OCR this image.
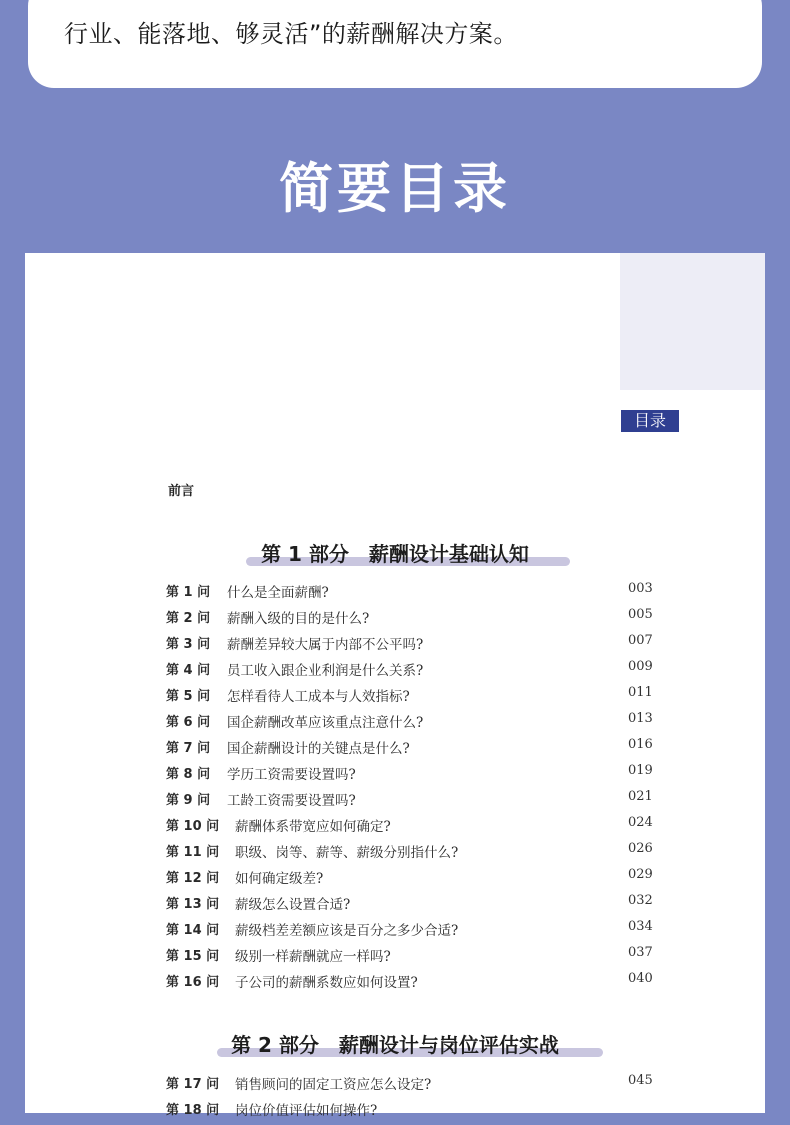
行业、能落地、够灵活”的薪酬解决方案。
简要目录
目录
前言
第 1 部分　薪酬设计基础认知
第 1 问 什么是全面薪酬?	003
第 2 问 薪酬入级的目的是什么?	005
第 3 问 薪酬差异较大属于内部不公平吗?	007
第 4 问 员工收入跟企业利润是什么关系?	009
第 5 问 怎样看待人工成本与人效指标?	011
第 6 问 国企薪酬改革应该重点注意什么?	013
第 7 问 国企薪酬设计的关键点是什么?	016
第 8 问 学历工资需要设置吗?	019
第 9 问 工龄工资需要设置吗?	021
第 10 问 薪酬体系带宽应如何确定?	024
第 11 问 职级、岗等、薪等、薪级分别指什么?	026
第 12 问 如何确定级差?	029
第 13 问 薪级怎么设置合适?	032
第 14 问 薪级档差差额应该是百分之多少合适?	034
第 15 问 级别一样薪酬就应一样吗?	037
第 16 问 子公司的薪酬系数应如何设置?	040
第 2 部分　薪酬设计与岗位评估实战
第 17 问 销售顾问的固定工资应怎么设定?	045
第 18 问 岗位价值评估如何操作?
